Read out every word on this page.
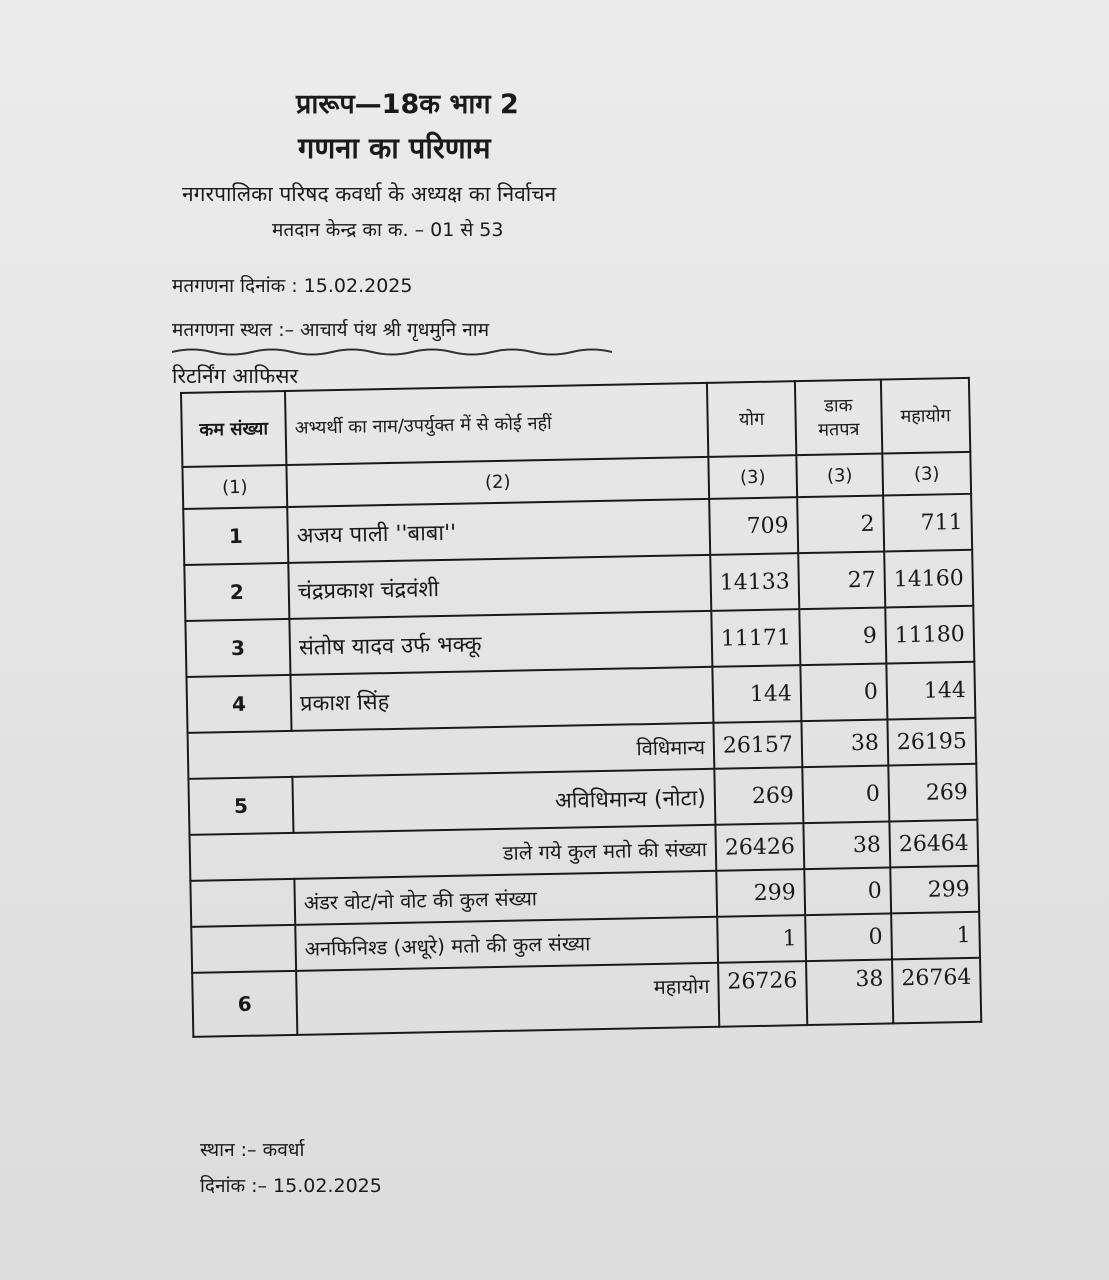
प्रारूप—18क भाग 2
गणना का परिणाम
नगरपालिका परिषद कवर्धा के अध्यक्ष का निर्वाचन
मतदान केन्द्र का क. – 01 से 53
मतगणना दिनांक : 15.02.2025
मतगणना स्थल :– आचार्य पंथ श्री गृधमुनि नाम
रिटर्निंग आफिसर
कम संख्या	अभ्यर्थी का नाम/उपर्युक्त में से कोई नहीं	योग	डाक मतपत्र	महायोग
(1)	(2)	(3)	(3)	(3)
1	अजय पाली ''बाबा''	709	2	711
2	चंद्रप्रकाश चंद्रवंशी	14133	27	14160
3	संतोष यादव उर्फ भक्कू	11171	9	11180
4	प्रकाश सिंह	144	0	144
विधिमान्य		26157	38	26195
5	अविधिमान्य (नोटा)	269	0	269
डाले गये कुल मतो की संख्या		26426	38	26464
	अंडर वोट/नो वोट की कुल संख्या	299	0	299
	अनफिनिश्ड (अधूरे) मतो की कुल संख्या	1	0	1
6	महायोग	26726	38	26764
स्थान :– कवर्धा
दिनांक :– 15.02.2025
